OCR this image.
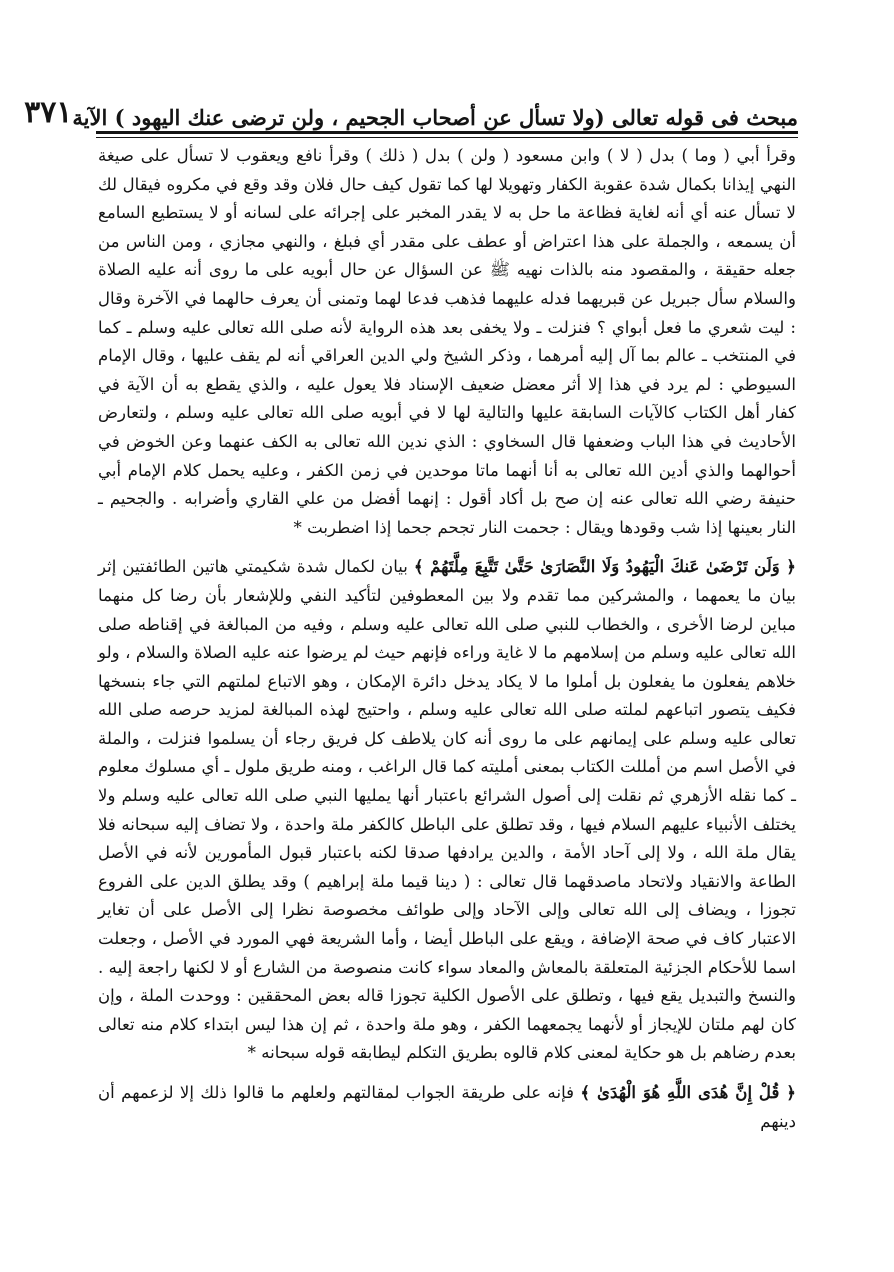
مبحث فى قوله تعالى (ولا تسأل عن أصحاب الجحيم ، ولن ترضى عنك اليهود ) الآية
٣٧١

وقرأ أبي ( وما ) بدل ( لا ) وابن مسعود ( ولن ) بدل ( ذلك ) وقرأ نافع ويعقوب لا تسأل على صيغة النهي إيذانا بكمال شدة عقوبة الكفار وتهويلا لها كما تقول كيف حال فلان وقد وقع في مكروه فيقال لك لا تسأل عنه أي أنه لغاية فظاعة ما حل به لا يقدر المخبر على إجرائه على لسانه أو لا يستطيع السامع أن يسمعه ، والجملة على هذا اعتراض أو عطف على مقدر أي فبلغ ، والنهي مجازي ، ومن الناس من جعله حقيقة ، والمقصود منه بالذات نهيه ﷺ عن السؤال عن حال أبويه على ما روى أنه عليه الصلاة والسلام سأل جبريل عن قبريهما فدله عليهما فذهب فدعا لهما وتمنى أن يعرف حالهما في الآخرة وقال : ليت شعري ما فعل أبواي ؟ فنزلت ـ ولا يخفى بعد هذه الرواية لأنه صلى الله تعالى عليه وسلم ـ كما في المنتخب ـ عالم بما آل إليه أمرهما ، وذكر الشيخ ولي الدين العراقي أنه لم يقف عليها ، وقال الإمام السيوطي : لم يرد في هذا إلا أثر معضل ضعيف الإسناد فلا يعول عليه ، والذي يقطع به أن الآية في كفار أهل الكتاب كالآيات السابقة عليها والتالية لها لا في أبويه صلى الله تعالى عليه وسلم ، ولتعارض الأحاديث في هذا الباب وضعفها قال السخاوي : الذي ندين الله تعالى به الكف عنهما وعن الخوض في أحوالهما والذي أدين الله تعالى به أنا أنهما ماتا موحدين في زمن الكفر ، وعليه يحمل كلام الإمام أبي حنيفة رضي الله تعالى عنه إن صح بل أكاد أقول : إنهما أفضل من علي القاري وأضرابه . والجحيم ـ النار بعينها إذا شب وقودها ويقال : جحمت النار تجحم جحما إذا اضطربت *

﴿ وَلَن تَرْضَىٰ عَنكَ الْيَهُودُ وَلَا النَّصَارَىٰ حَتَّىٰ تَتَّبِعَ مِلَّتَهُمْ ﴾ بيان لكمال شدة شكيمتي هاتين الطائفتين إثر بيان ما يعمهما ، والمشركين مما تقدم ولا بين المعطوفين لتأكيد النفي وللإشعار بأن رضا كل منهما مباين لرضا الأخرى ، والخطاب للنبي صلى الله تعالى عليه وسلم ، وفيه من المبالغة في إقناطه صلى الله تعالى عليه وسلم من إسلامهم ما لا غاية وراءه فإنهم حيث لم يرضوا عنه عليه الصلاة والسلام ، ولو خلاهم يفعلون ما يفعلون بل أملوا ما لا يكاد يدخل دائرة الإمكان ، وهو الاتباع لملتهم التي جاء بنسخها فكيف يتصور اتباعهم لملته صلى الله تعالى عليه وسلم ، واحتيج لهذه المبالغة لمزيد حرصه صلى الله تعالى عليه وسلم على إيمانهم على ما روى أنه كان يلاطف كل فريق رجاء أن يسلموا فنزلت ، والملة في الأصل اسم من أمللت الكتاب بمعنى أمليته كما قال الراغب ، ومنه طريق ملول ـ أي مسلوك معلوم ـ كما نقله الأزهري ثم نقلت إلى أصول الشرائع باعتبار أنها يمليها النبي صلى الله تعالى عليه وسلم ولا يختلف الأنبياء عليهم السلام فيها ، وقد تطلق على الباطل كالكفر ملة واحدة ، ولا تضاف إليه سبحانه فلا يقال ملة الله ، ولا إلى آحاد الأمة ، والدين يرادفها صدقا لكنه باعتبار قبول المأمورين لأنه في الأصل الطاعة والانقياد ولاتحاد ماصدقهما قال تعالى : ( دينا قيما ملة إبراهيم ) وقد يطلق الدين على الفروع تجوزا ، ويضاف إلى الله تعالى وإلى الآحاد وإلى طوائف مخصوصة نظرا إلى الأصل على أن تغاير الاعتبار كاف في صحة الإضافة ، ويقع على الباطل أيضا ، وأما الشريعة فهي المورد في الأصل ، وجعلت اسما للأحكام الجزئية المتعلقة بالمعاش والمعاد سواء كانت منصوصة من الشارع أو لا لكنها راجعة إليه . والنسخ والتبديل يقع فيها ، وتطلق على الأصول الكلية تجوزا قاله بعض المحققين : ووحدت الملة ، وإن كان لهم ملتان للإيجاز أو لأنهما يجمعهما الكفر ، وهو ملة واحدة ، ثم إن هذا ليس ابتداء كلام منه تعالى بعدم رضاهم بل هو حكاية لمعنى كلام قالوه بطريق التكلم ليطابقه قوله سبحانه *

﴿ قُلْ إِنَّ هُدَى اللَّهِ هُوَ الْهُدَىٰ ﴾ فإنه على طريقة الجواب لمقالتهم ولعلهم ما قالوا ذلك إلا لزعمهم أن دينهم
